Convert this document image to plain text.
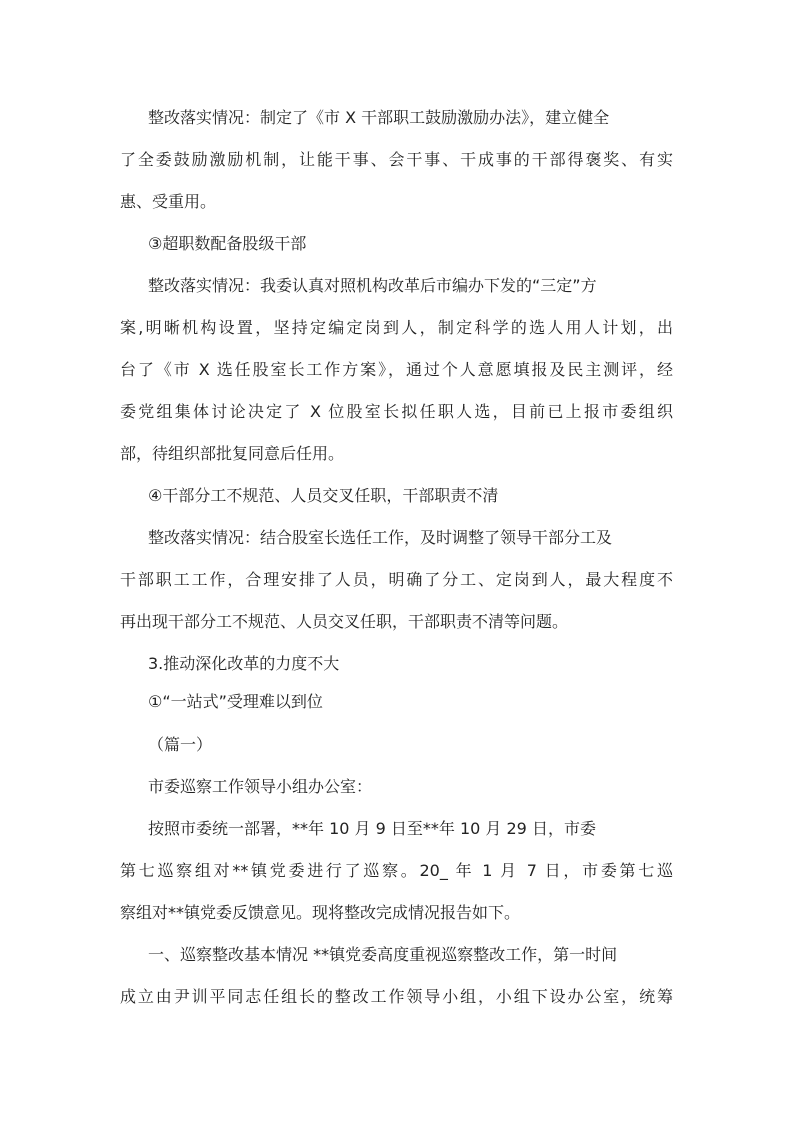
整改落实情况：制定了《市 X 干部职工鼓励激励办法》，建立健全
了全委鼓励激励机制，让能干事、会干事、干成事的干部得褒奖、有实
惠、受重用。
③超职数配备股级干部
整改落实情况：我委认真对照机构改革后市编办下发的“三定”方
案,明晰机构设置，坚持定编定岗到人，制定科学的选人用人计划，出
台了《市 X 选任股室长工作方案》，通过个人意愿填报及民主测评，经
委党组集体讨论决定了 X 位股室长拟任职人选，目前已上报市委组织
部，待组织部批复同意后任用。
④干部分工不规范、人员交叉任职，干部职责不清
整改落实情况：结合股室长选任工作，及时调整了领导干部分工及
干部职工工作，合理安排了人员，明确了分工、定岗到人，最大程度不
再出现干部分工不规范、人员交叉任职，干部职责不清等问题。
3.推动深化改革的力度不大
①“一站式”受理难以到位
（篇一）
市委巡察工作领导小组办公室：
按照市委统一部署，**年 10 月 9 日至**年 10 月 29 日，市委
第七巡察组对**镇党委进行了巡察。20_ 年 1 月 7 日，市委第七巡
察组对**镇党委反馈意见。现将整改完成情况报告如下。
一、巡察整改基本情况 **镇党委高度重视巡察整改工作，第一时间
成立由尹训平同志任组长的整改工作领导小组，小组下设办公室，统筹
